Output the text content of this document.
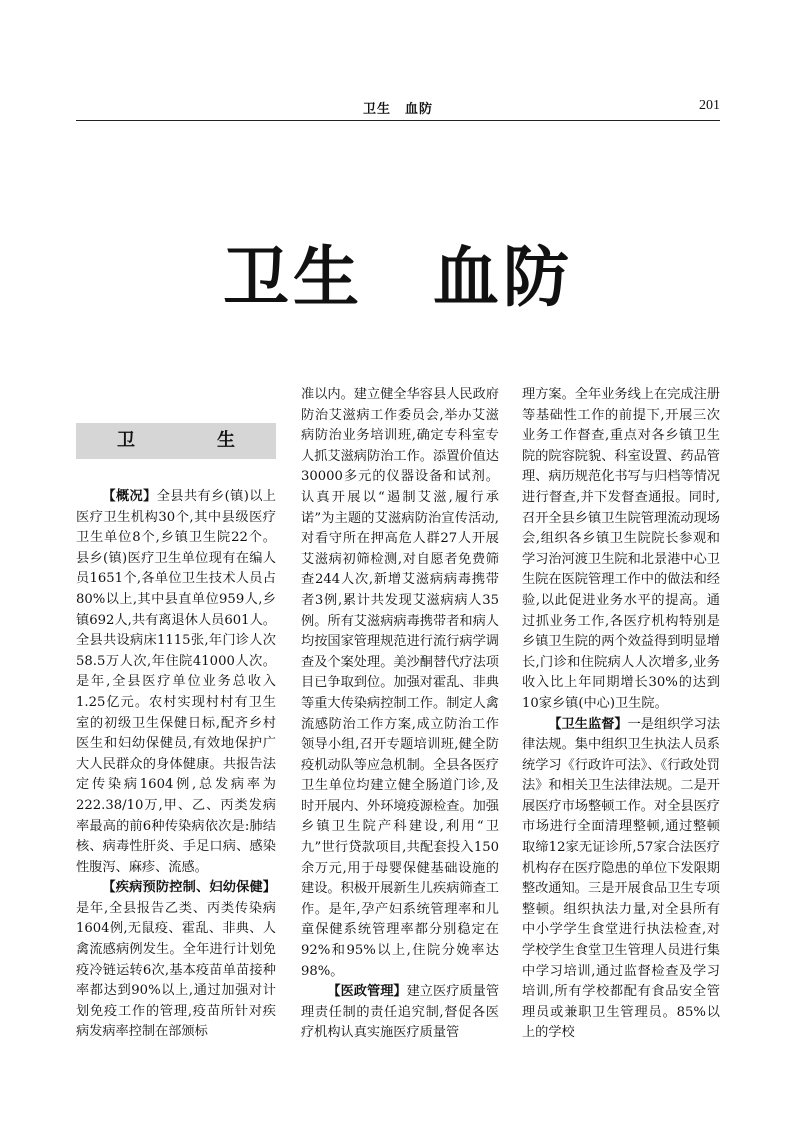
卫生　血防	201
卫生　血防
卫　生

【概况】全县共有乡(镇)以上医疗卫生机构30个,其中县级医疗卫生单位8个,乡镇卫生院22个。县乡(镇)医疗卫生单位现有在编人员1651个,各单位卫生技术人员占80%以上,其中县直单位959人,乡镇692人,共有离退休人员601人。全县共设病床1115张,年门诊人次58.5万人次,年住院41000人次。是年,全县医疗单位业务总收入1.25亿元。农村实现村村有卫生室的初级卫生保健日标,配齐乡村医生和妇幼保健员,有效地保护广大人民群众的身体健康。共报告法定传染病1604例,总发病率为222.38/10万,甲、乙、丙类发病率最高的前6种传染病依次是:肺结核、病毒性肝炎、手足口病、感染性腹泻、麻疹、流感。

【疾病预防控制、妇幼保健】是年,全县报告乙类、丙类传染病1604例,无鼠疫、霍乱、非典、人禽流感病例发生。全年进行计划免疫冷链运转6次,基本疫苗单苗接种率都达到90%以上,通过加强对计划免疫工作的管理,疫苗所针对疾病发病率控制在部颁标

准以内。建立健全华容县人民政府防治艾滋病工作委员会,举办艾滋病防治业务培训班,确定专科室专人抓艾滋病防治工作。添置价值达30000多元的仪器设备和试剂。认真开展以“遏制艾滋,履行承诺”为主题的艾滋病防治宣传活动,对看守所在押高危人群27人开展艾滋病初筛检测,对自愿者免费筛查244人次,新增艾滋病病毒携带者3例,累计共发现艾滋病病人35例。所有艾滋病病毒携带者和病人均按国家管理规范进行流行病学调查及个案处理。美沙酮替代疗法项目已争取到位。加强对霍乱、非典等重大传染病控制工作。制定人禽流感防治工作方案,成立防治工作领导小组,召开专题培训班,健全防疫机动队等应急机制。全县各医疗卫生单位均建立健全肠道门诊,及时开展内、外环境疫源检查。加强乡镇卫生院产科建设,利用“卫九”世行贷款项目,共配套投入150余万元,用于母婴保健基础设施的建设。积极开展新生儿疾病筛查工作。是年,孕产妇系统管理率和儿童保健系统管理率都分别稳定在92%和95%以上,住院分娩率达98%。

【医政管理】建立医疗质量管理责任制的责任追究制,督促各医疗机构认真实施医疗质量管

理方案。全年业务线上在完成注册等基础性工作的前提下,开展三次业务工作督查,重点对各乡镇卫生院的院容院貌、科室设置、药品管理、病历规范化书写与归档等情况进行督查,并下发督查通报。同时,召开全县乡镇卫生院管理流动现场会,组织各乡镇卫生院院长参观和学习治河渡卫生院和北景港中心卫生院在医院管理工作中的做法和经验,以此促进业务水平的提高。通过抓业务工作,各医疗机构特别是乡镇卫生院的两个效益得到明显增长,门诊和住院病人人次增多,业务收入比上年同期增长30%的达到10家乡镇(中心)卫生院。

【卫生监督】一是组织学习法律法规。集中组织卫生执法人员系统学习《行政许可法》、《行政处罚法》和相关卫生法律法规。二是开展医疗市场整顿工作。对全县医疗市场进行全面清理整顿,通过整顿取缔12家无证诊所,57家合法医疗机构存在医疗隐患的单位下发限期整改通知。三是开展食品卫生专项整顿。组织执法力量,对全县所有中小学学生食堂进行执法检查,对学校学生食堂卫生管理人员进行集中学习培训,通过监督检查及学习培训,所有学校都配有食品安全管理员或兼职卫生管理员。85%以上的学校
